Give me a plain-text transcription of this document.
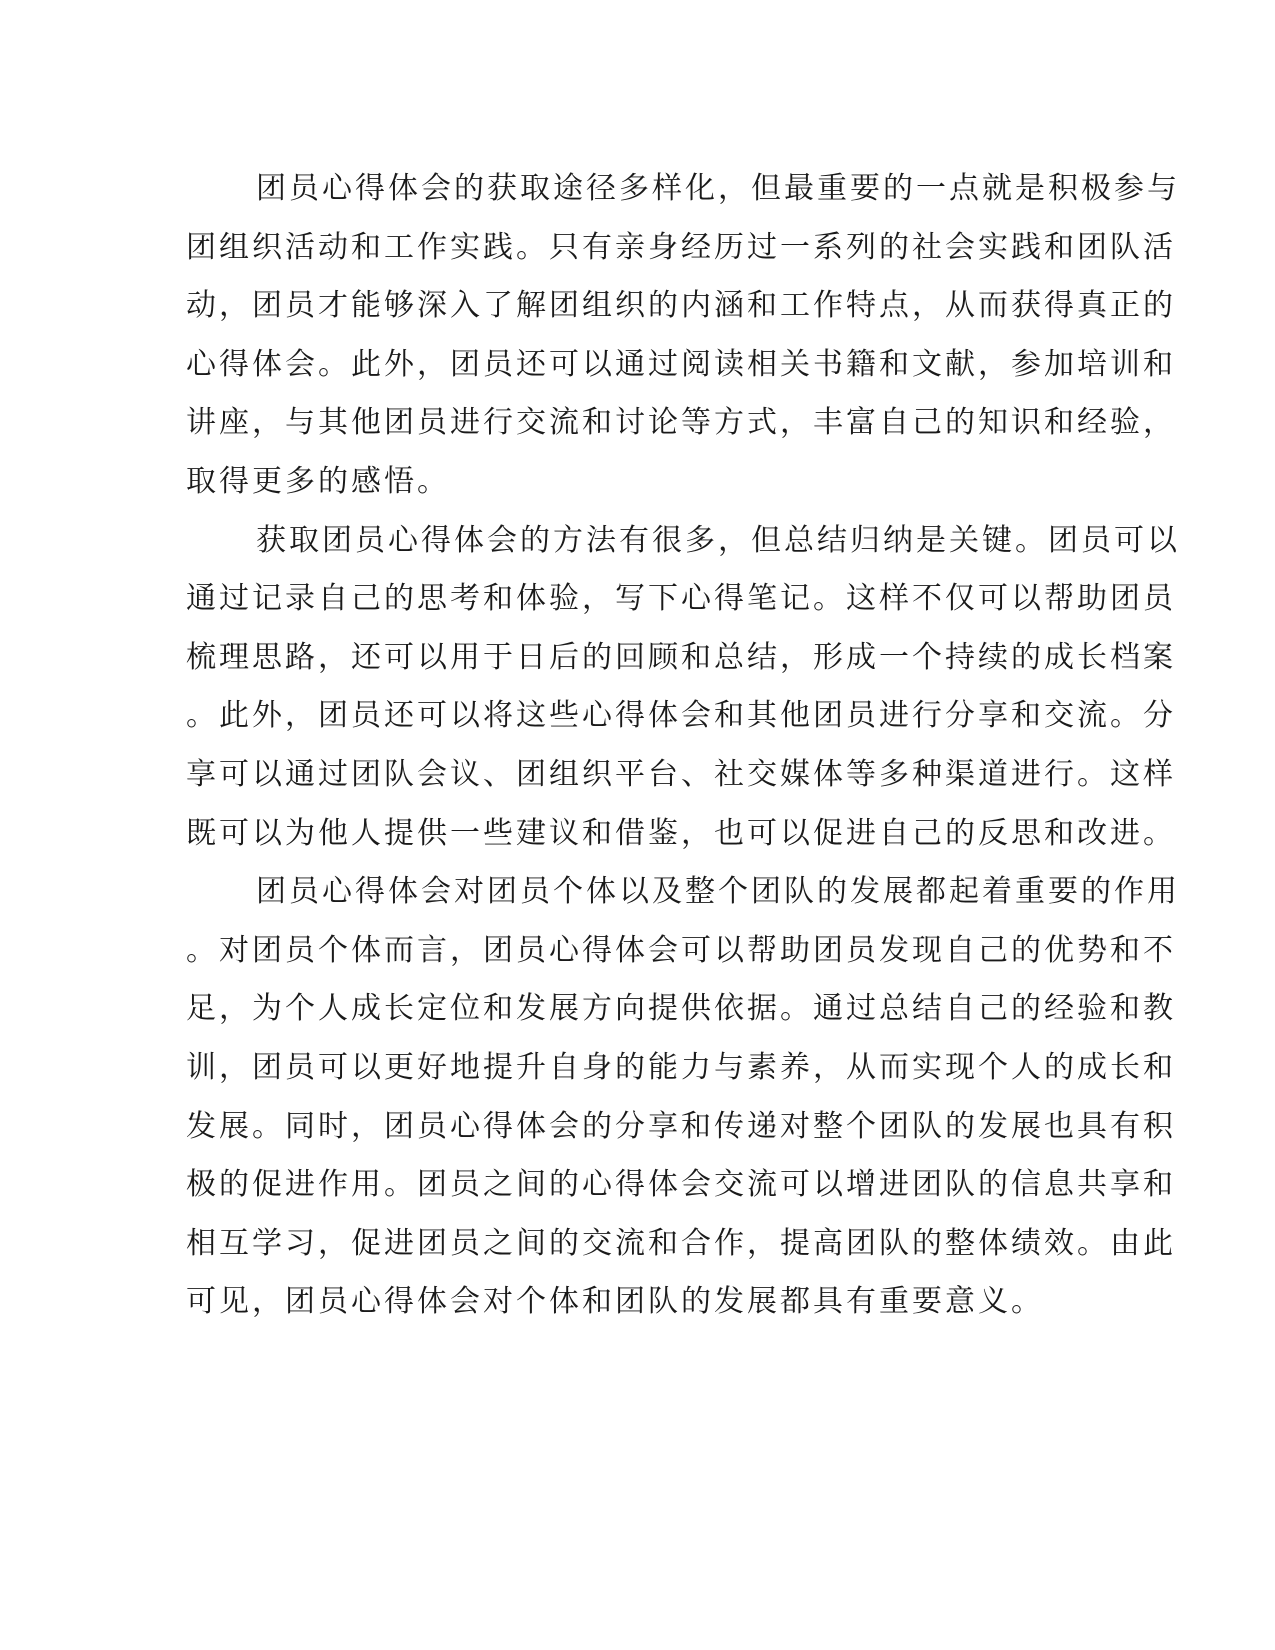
团员心得体会的获取途径多样化，但最重要的一点就是积极参与
团组织活动和工作实践。只有亲身经历过一系列的社会实践和团队活
动，团员才能够深入了解团组织的内涵和工作特点，从而获得真正的
心得体会。此外，团员还可以通过阅读相关书籍和文献，参加培训和
讲座，与其他团员进行交流和讨论等方式，丰富自己的知识和经验，
取得更多的感悟。
获取团员心得体会的方法有很多，但总结归纳是关键。团员可以
通过记录自己的思考和体验，写下心得笔记。这样不仅可以帮助团员
梳理思路，还可以用于日后的回顾和总结，形成一个持续的成长档案
。此外，团员还可以将这些心得体会和其他团员进行分享和交流。分
享可以通过团队会议、团组织平台、社交媒体等多种渠道进行。这样
既可以为他人提供一些建议和借鉴，也可以促进自己的反思和改进。
团员心得体会对团员个体以及整个团队的发展都起着重要的作用
。对团员个体而言，团员心得体会可以帮助团员发现自己的优势和不
足，为个人成长定位和发展方向提供依据。通过总结自己的经验和教
训，团员可以更好地提升自身的能力与素养，从而实现个人的成长和
发展。同时，团员心得体会的分享和传递对整个团队的发展也具有积
极的促进作用。团员之间的心得体会交流可以增进团队的信息共享和
相互学习，促进团员之间的交流和合作，提高团队的整体绩效。由此
可见，团员心得体会对个体和团队的发展都具有重要意义。
